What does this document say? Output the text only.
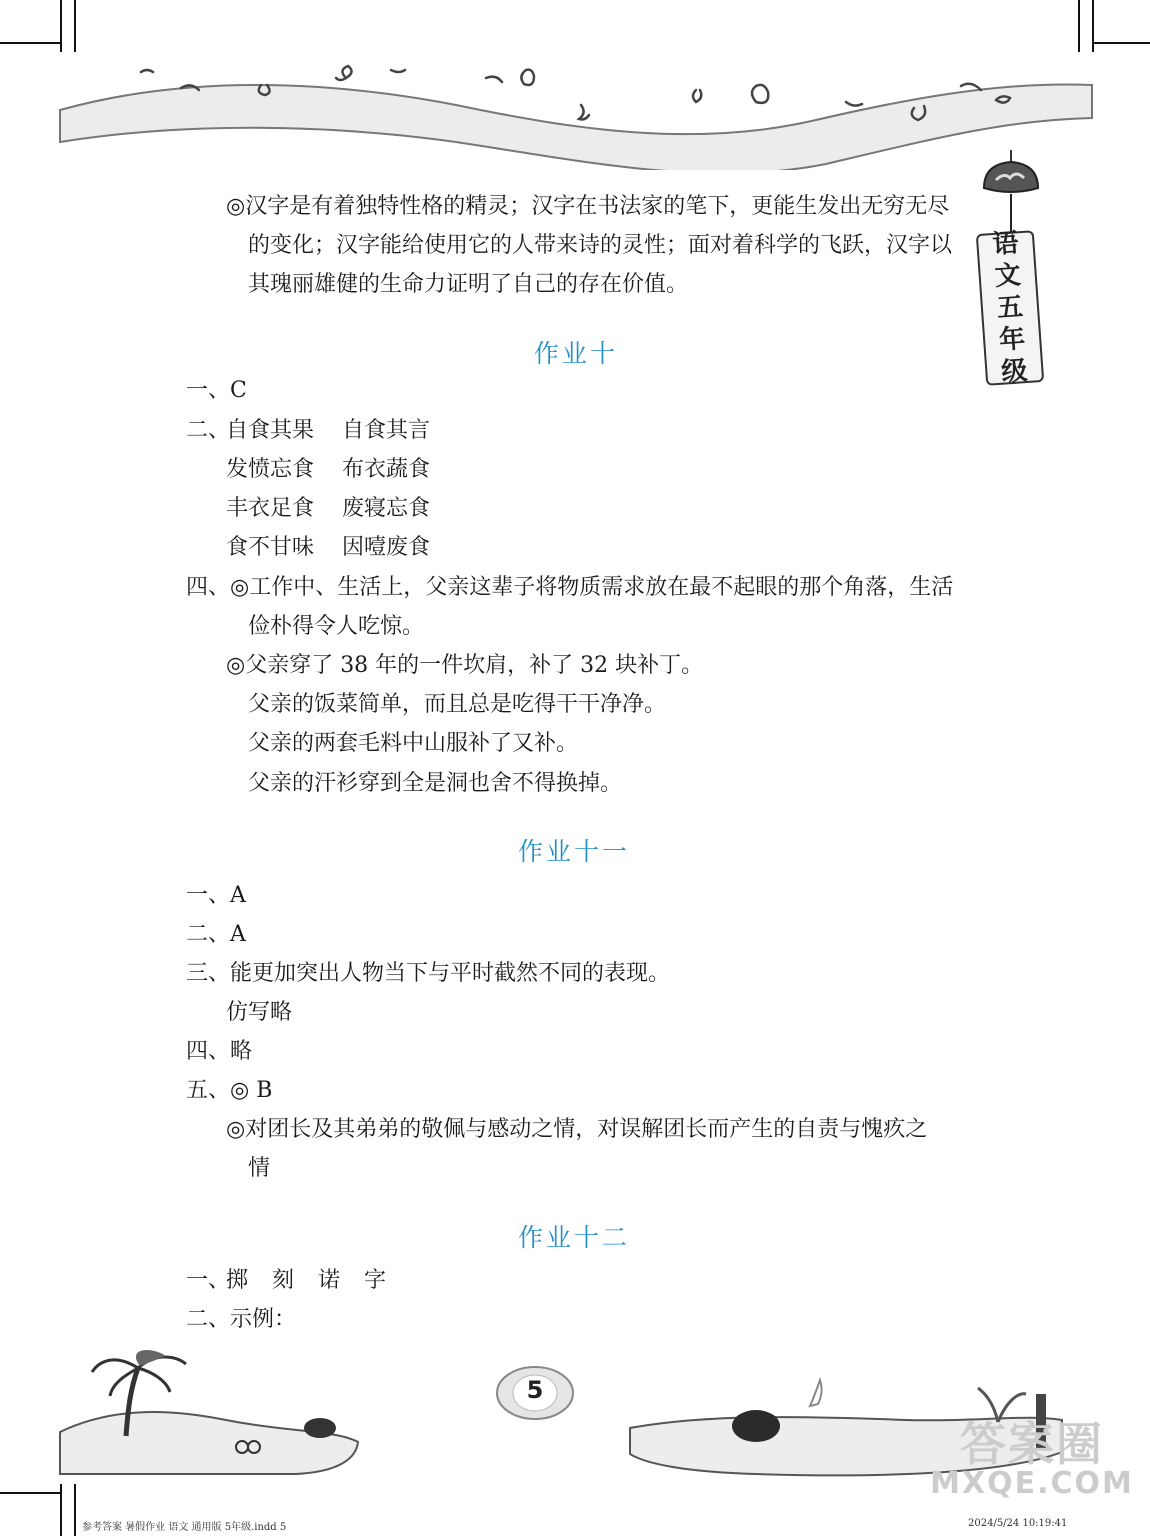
语
文
五
年
级
◎汉字是有着独特性格的精灵；汉字在书法家的笔下，更能生发出无穷无尽
的变化；汉字能给使用它的人带来诗的灵性；面对着科学的飞跃，汉字以
其瑰丽雄健的生命力证明了自己的存在价值。
作业十
一、C
二、
自食其果 自食其言
发愤忘食 布衣蔬食
丰衣足食 废寝忘食
食不甘味 因噎废食
四、◎工作中、生活上，父亲这辈子将物质需求放在最不起眼的那个角落，生活
俭朴得令人吃惊。
◎父亲穿了 38 年的一件坎肩，补了 32 块补丁。
父亲的饭菜简单，而且总是吃得干干净净。
父亲的两套毛料中山服补了又补。
父亲的汗衫穿到全是洞也舍不得换掉。
作业十一
一、A
二、A
三、能更加突出人物当下与平时截然不同的表现。
仿写略
四、略
五、◎ B
◎对团长及其弟弟的敬佩与感动之情，对误解团长而产生的自责与愧疚之
情
作业十二
一、
掷 刻 诺 字
二、示例：
5
答案圈
MXQE.COM
参考答案 暑假作业 语文 通用版 5年级.indd 5	2024/5/24 10:19:41
